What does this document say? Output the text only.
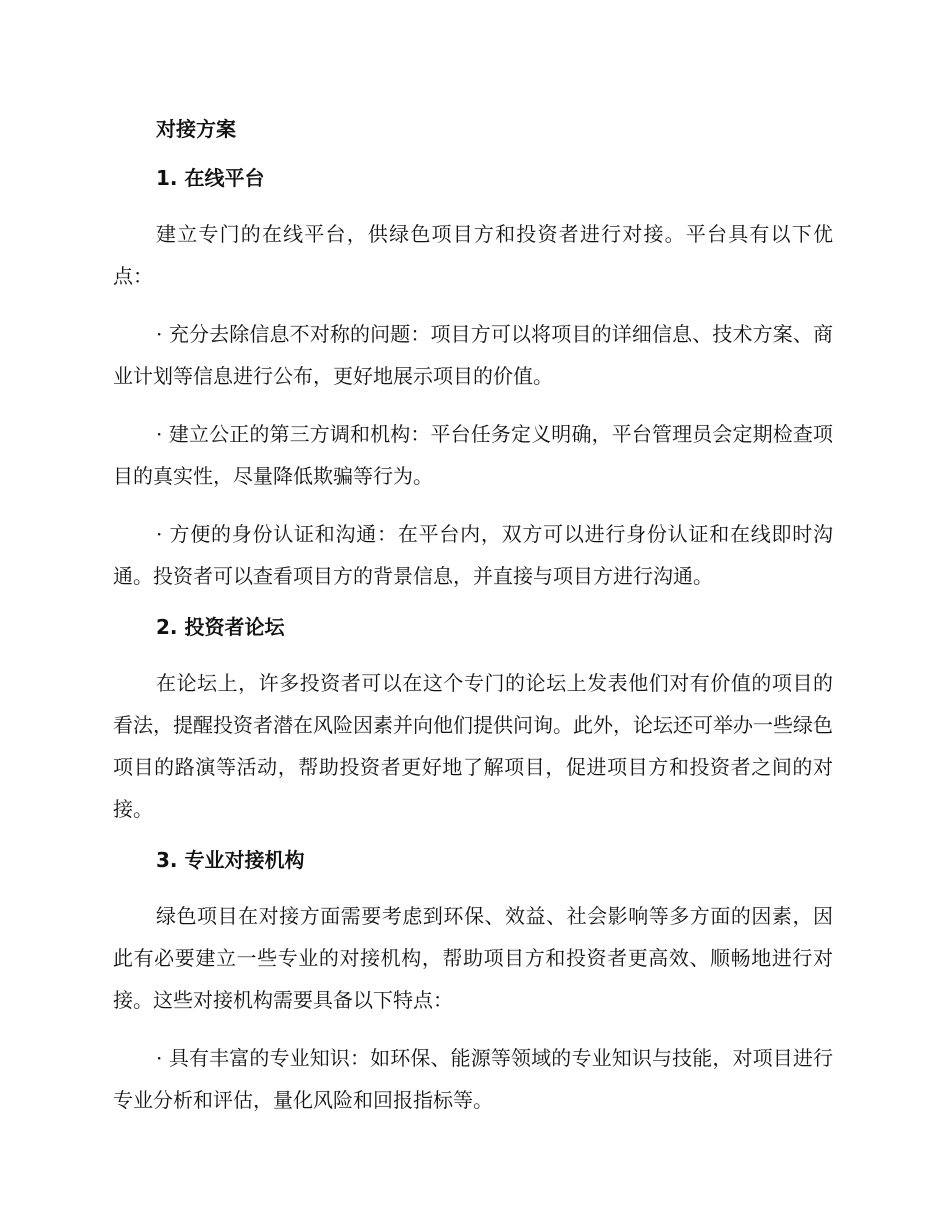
对接方案
1. 在线平台

建立专门的在线平台，供绿色项目方和投资者进行对接。平台具有以下优点：

· 充分去除信息不对称的问题：项目方可以将项目的详细信息、技术方案、商业计划等信息进行公布，更好地展示项目的价值。

· 建立公正的第三方调和机构：平台任务定义明确，平台管理员会定期检查项目的真实性，尽量降低欺骗等行为。

· 方便的身份认证和沟通：在平台内，双方可以进行身份认证和在线即时沟通。投资者可以查看项目方的背景信息，并直接与项目方进行沟通。

2. 投资者论坛

在论坛上，许多投资者可以在这个专门的论坛上发表他们对有价值的项目的看法，提醒投资者潜在风险因素并向他们提供问询。此外，论坛还可举办一些绿色项目的路演等活动，帮助投资者更好地了解项目，促进项目方和投资者之间的对接。

3. 专业对接机构

绿色项目在对接方面需要考虑到环保、效益、社会影响等多方面的因素，因此有必要建立一些专业的对接机构，帮助项目方和投资者更高效、顺畅地进行对接。这些对接机构需要具备以下特点：

· 具有丰富的专业知识：如环保、能源等领域的专业知识与技能，对项目进行专业分析和评估，量化风险和回报指标等。
